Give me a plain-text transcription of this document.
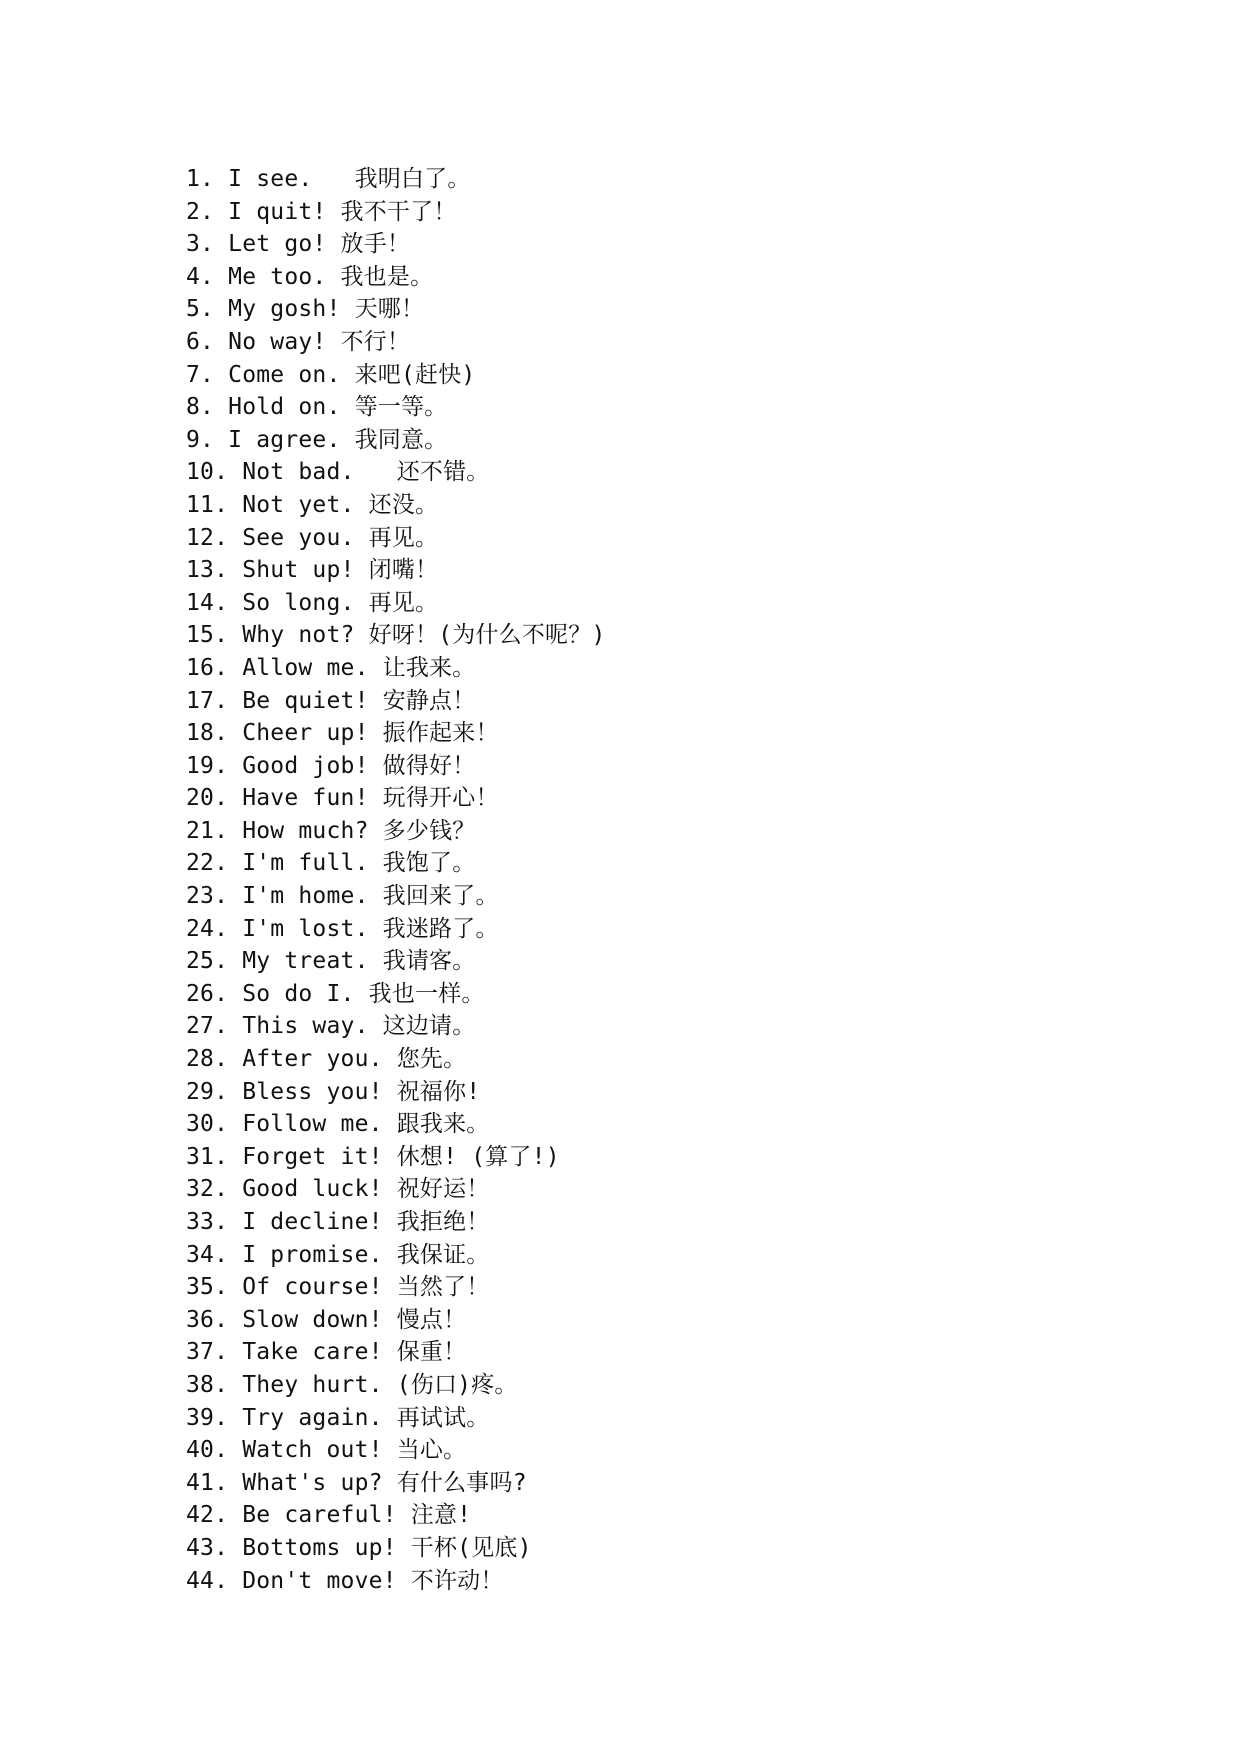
1. I see.   我明白了。
2. I quit! 我不干了！
3. Let go! 放手！
4. Me too. 我也是。
5. My gosh! 天哪！
6. No way! 不行！
7. Come on. 来吧(赶快)
8. Hold on. 等一等。
9. I agree. 我同意。
10. Not bad.   还不错。
11. Not yet. 还没。
12. See you. 再见。
13. Shut up! 闭嘴！
14. So long. 再见。
15. Why not? 好呀！(为什么不呢？)
16. Allow me. 让我来。
17. Be quiet! 安静点！
18. Cheer up! 振作起来！
19. Good job! 做得好！
20. Have fun! 玩得开心！
21. How much? 多少钱？
22. I'm full. 我饱了。
23. I'm home. 我回来了。
24. I'm lost. 我迷路了。
25. My treat. 我请客。
26. So do I. 我也一样。
27. This way. 这边请。
28. After you. 您先。
29. Bless you! 祝福你!
30. Follow me. 跟我来。
31. Forget it! 休想! (算了!)
32. Good luck! 祝好运！
33. I decline! 我拒绝！
34. I promise. 我保证。
35. Of course! 当然了！
36. Slow down! 慢点！
37. Take care! 保重！
38. They hurt. (伤口)疼。
39. Try again. 再试试。
40. Watch out! 当心。
41. What's up? 有什么事吗?
42. Be careful! 注意!
43. Bottoms up! 干杯(见底)
44. Don't move! 不许动！
